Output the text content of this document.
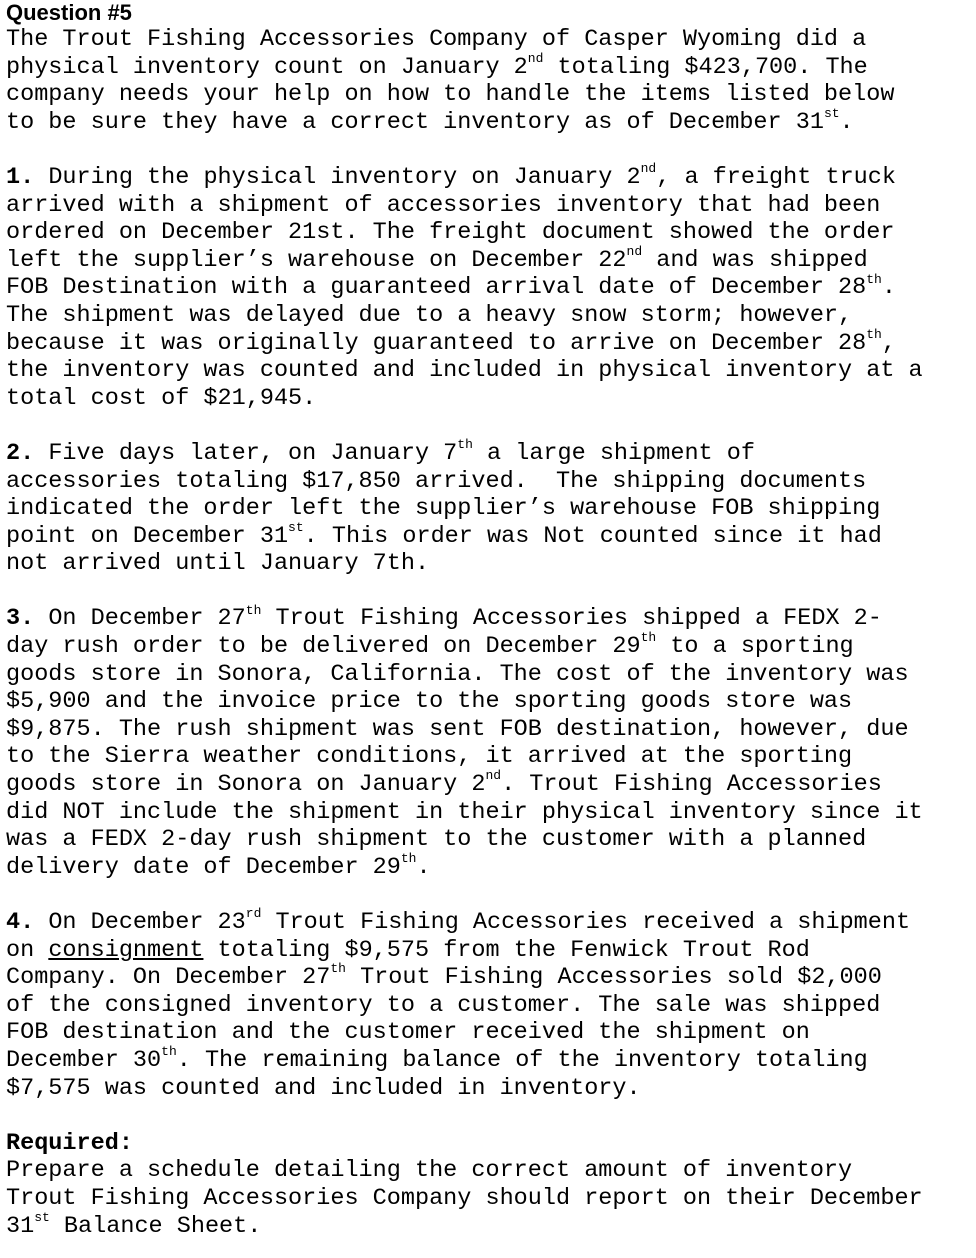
Question #5

The Trout Fishing Accessories Company of Casper Wyoming did a

physical inventory count on January 2nd totaling $423,700. The

company needs your help on how to handle the items listed below

to be sure they have a correct inventory as of December 31st.

1. During the physical inventory on January 2nd, a freight truck

arrived with a shipment of accessories inventory that had been

ordered on December 21st. The freight document showed the order

left the supplier’s warehouse on December 22nd and was shipped

FOB Destination with a guaranteed arrival date of December 28th.

The shipment was delayed due to a heavy snow storm; however,

because it was originally guaranteed to arrive on December 28th,

the inventory was counted and included in physical inventory at a

total cost of $21,945.

2. Five days later, on January 7th a large shipment of

accessories totaling $17,850 arrived.  The shipping documents

indicated the order left the supplier’s warehouse FOB shipping

point on December 31st. This order was Not counted since it had

not arrived until January 7th.

3. On December 27th Trout Fishing Accessories shipped a FEDX 2-

day rush order to be delivered on December 29th to a sporting

goods store in Sonora, California. The cost of the inventory was

$5,900 and the invoice price to the sporting goods store was

$9,875. The rush shipment was sent FOB destination, however, due

to the Sierra weather conditions, it arrived at the sporting

goods store in Sonora on January 2nd. Trout Fishing Accessories

did NOT include the shipment in their physical inventory since it

was a FEDX 2-day rush shipment to the customer with a planned

delivery date of December 29th.

4. On December 23rd Trout Fishing Accessories received a shipment

on consignment totaling $9,575 from the Fenwick Trout Rod

Company. On December 27th Trout Fishing Accessories sold $2,000

of the consigned inventory to a customer. The sale was shipped

FOB destination and the customer received the shipment on

December 30th. The remaining balance of the inventory totaling

$7,575 was counted and included in inventory.

Required:

Prepare a schedule detailing the correct amount of inventory

Trout Fishing Accessories Company should report on their December

31st Balance Sheet.
